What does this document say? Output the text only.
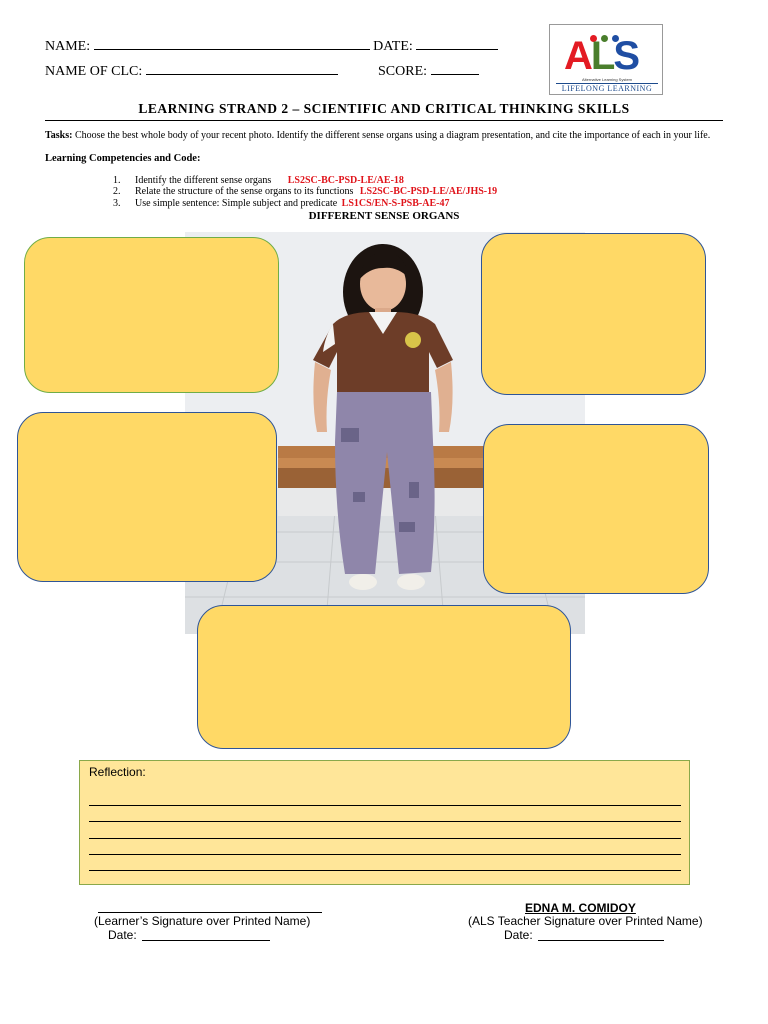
NAME:	DATE:
NAME OF CLC:	SCORE:	ALS
Alternative Learning System
LIFELONG LEARNING
LEARNING STRAND 2 – SCIENTIFIC AND CRITICAL THINKING SKILLS
Tasks: Choose the best whole body of your recent photo. Identify the different sense organs using a diagram presentation, and cite the importance of each in your life.
Learning Competencies and Code:
1. Identify the different sense organs LS2SC-BC-PSD-LE/AE-18
2. Relate the structure of the sense organs to its functions LS2SC-BC-PSD-LE/AE/JHS-19
3. Use simple sentence: Simple subject and predicate LS1CS/EN-S-PSB-AE-47
DIFFERENT SENSE ORGANS
Reflection:
(Learner’s Signature over Printed Name)
Date:
EDNA M. COMIDOY
(ALS Teacher Signature over Printed Name)
Date:
